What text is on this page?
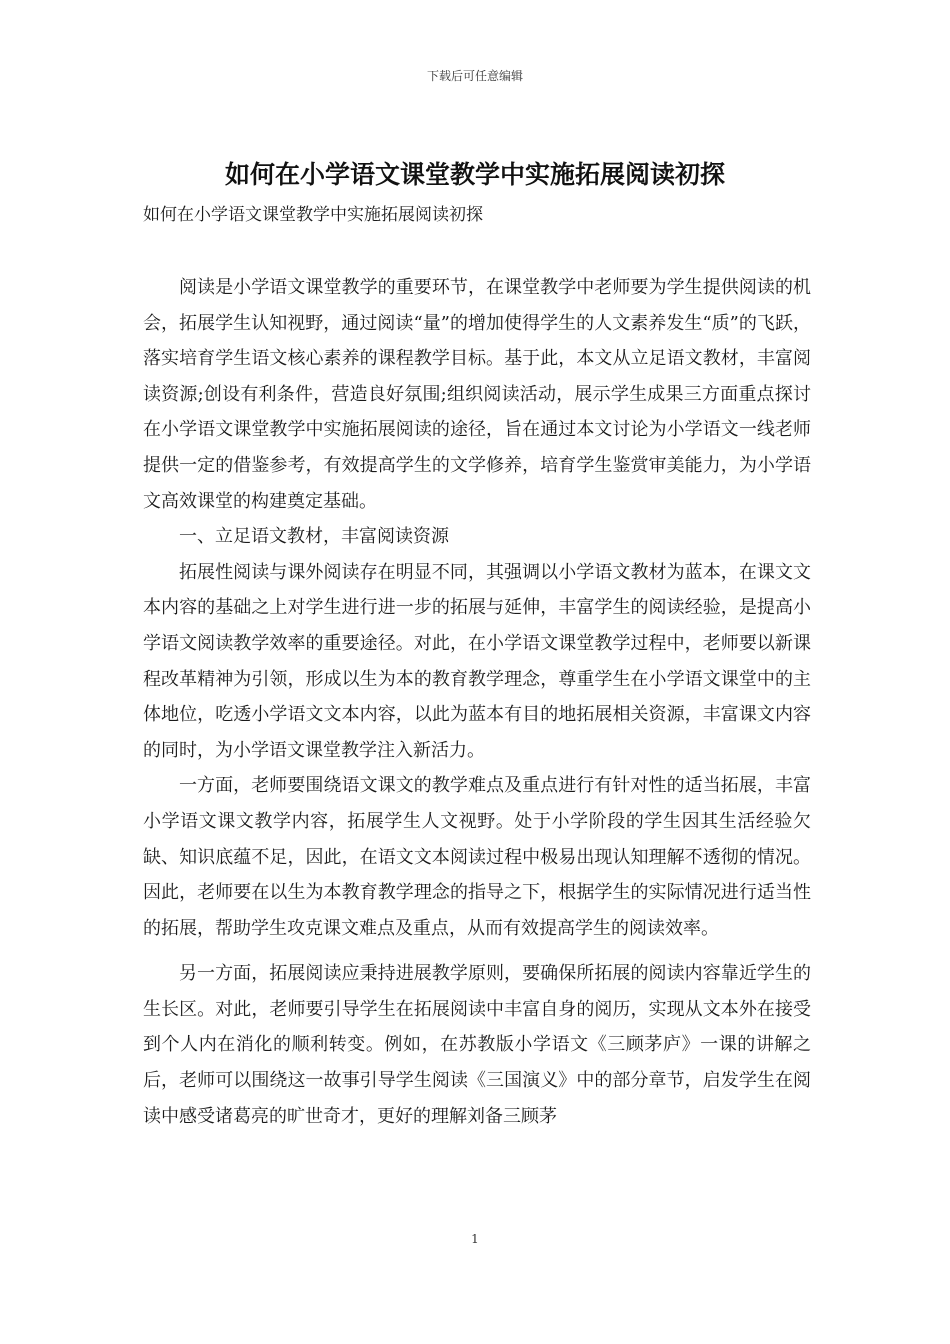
下载后可任意编辑
如何在小学语文课堂教学中实施拓展阅读初探
如何在小学语文课堂教学中实施拓展阅读初探

阅读是小学语文课堂教学的重要环节，在课堂教学中老师要为学生提供阅读的机会，拓展学生认知视野，通过阅读“量”的增加使得学生的人文素养发生“质”的飞跃，落实培育学生语文核心素养的课程教学目标。基于此，本文从立足语文教材，丰富阅读资源;创设有利条件，营造良好氛围;组织阅读活动，展示学生成果三方面重点探讨在小学语文课堂教学中实施拓展阅读的途径，旨在通过本文讨论为小学语文一线老师提供一定的借鉴参考，有效提高学生的文学修养，培育学生鉴赏审美能力，为小学语文高效课堂的构建奠定基础。

一、立足语文教材，丰富阅读资源

拓展性阅读与课外阅读存在明显不同，其强调以小学语文教材为蓝本，在课文文本内容的基础之上对学生进行进一步的拓展与延伸，丰富学生的阅读经验，是提高小学语文阅读教学效率的重要途径。对此，在小学语文课堂教学过程中，老师要以新课程改革精神为引领，形成以生为本的教育教学理念，尊重学生在小学语文课堂中的主体地位，吃透小学语文文本内容，以此为蓝本有目的地拓展相关资源，丰富课文内容的同时，为小学语文课堂教学注入新活力。

一方面，老师要围绕语文课文的教学难点及重点进行有针对性的适当拓展，丰富小学语文课文教学内容，拓展学生人文视野。处于小学阶段的学生因其生活经验欠缺、知识底蕴不足，因此，在语文文本阅读过程中极易出现认知理解不透彻的情况。因此，老师要在以生为本教育教学理念的指导之下，根据学生的实际情况进行适当性的拓展，帮助学生攻克课文难点及重点，从而有效提高学生的阅读效率。

另一方面，拓展阅读应秉持进展教学原则，要确保所拓展的阅读内容靠近学生的生长区。对此，老师要引导学生在拓展阅读中丰富自身的阅历，实现从文本外在接受到个人内在消化的顺利转变。例如，在苏教版小学语文《三顾茅庐》一课的讲解之后，老师可以围绕这一故事引导学生阅读《三国演义》中的部分章节，启发学生在阅读中感受诸葛亮的旷世奇才，更好的理解刘备三顾茅

1
